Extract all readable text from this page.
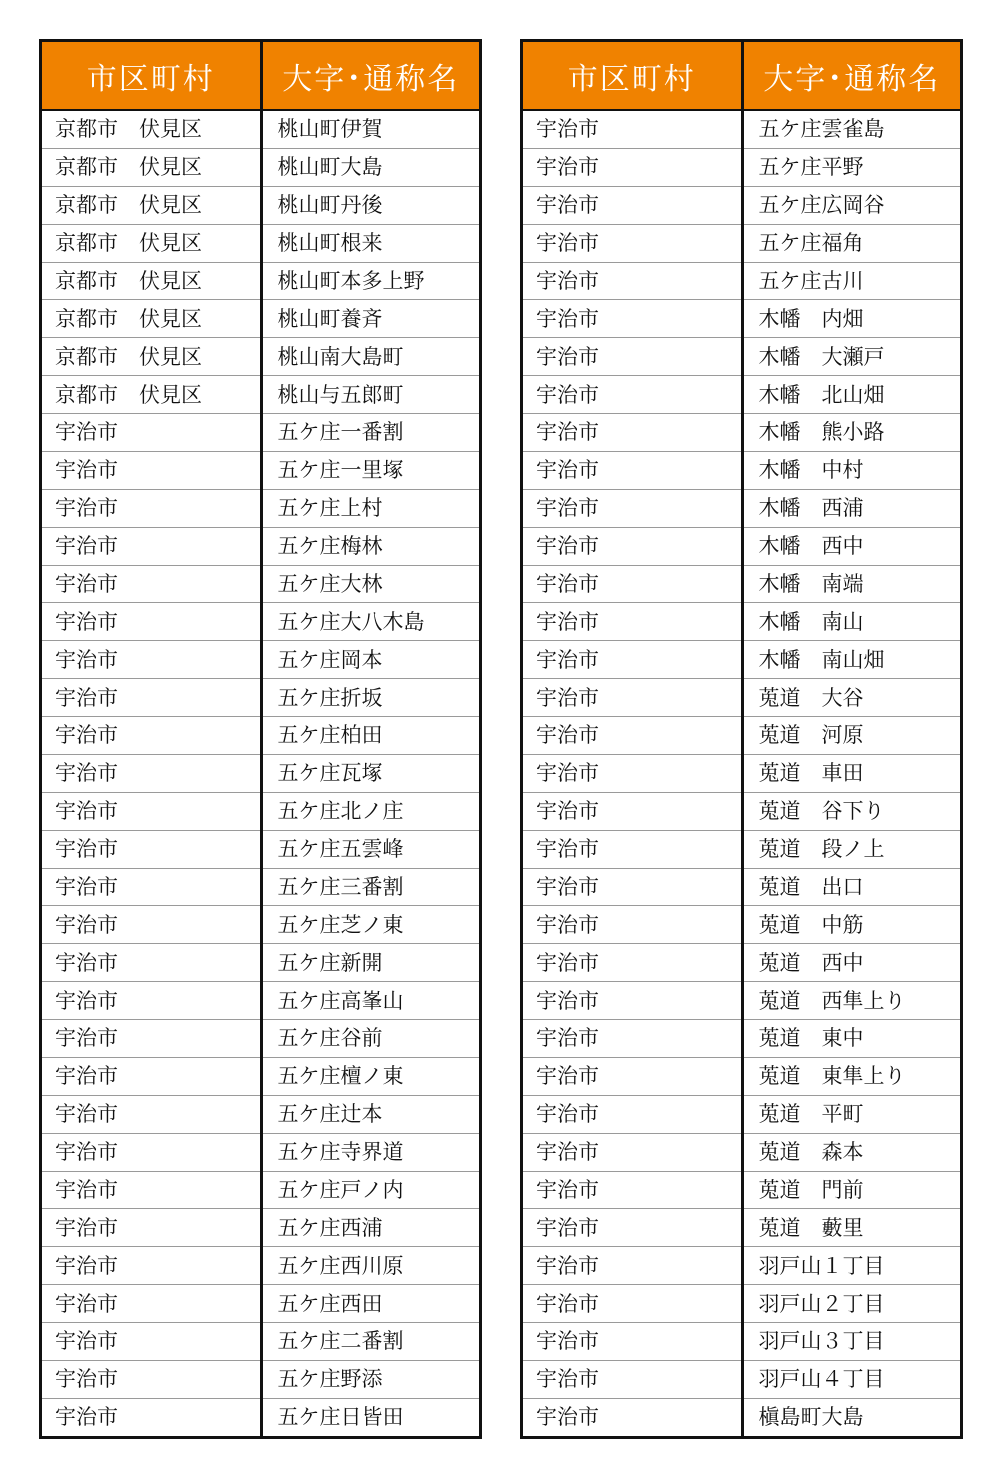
市区町村	大字･通称名
京都市　伏見区	桃山町伊賀
京都市　伏見区	桃山町大島
京都市　伏見区	桃山町丹後
京都市　伏見区	桃山町根来
京都市　伏見区	桃山町本多上野
京都市　伏見区	桃山町養斉
京都市　伏見区	桃山南大島町
京都市　伏見区	桃山与五郎町
宇治市	五ケ庄一番割
宇治市	五ケ庄一里塚
宇治市	五ケ庄上村
宇治市	五ケ庄梅林
宇治市	五ケ庄大林
宇治市	五ケ庄大八木島
宇治市	五ケ庄岡本
宇治市	五ケ庄折坂
宇治市	五ケ庄柏田
宇治市	五ケ庄瓦塚
宇治市	五ケ庄北ノ庄
宇治市	五ケ庄五雲峰
宇治市	五ケ庄三番割
宇治市	五ケ庄芝ノ東
宇治市	五ケ庄新開
宇治市	五ケ庄高峯山
宇治市	五ケ庄谷前
宇治市	五ケ庄檀ノ東
宇治市	五ケ庄辻本
宇治市	五ケ庄寺界道
宇治市	五ケ庄戸ノ内
宇治市	五ケ庄西浦
宇治市	五ケ庄西川原
宇治市	五ケ庄西田
宇治市	五ケ庄二番割
宇治市	五ケ庄野添
宇治市	五ケ庄日皆田
市区町村	大字･通称名
宇治市	五ケ庄雲雀島
宇治市	五ケ庄平野
宇治市	五ケ庄広岡谷
宇治市	五ケ庄福角
宇治市	五ケ庄古川
宇治市	木幡　内畑
宇治市	木幡　大瀬戸
宇治市	木幡　北山畑
宇治市	木幡　熊小路
宇治市	木幡　中村
宇治市	木幡　西浦
宇治市	木幡　西中
宇治市	木幡　南端
宇治市	木幡　南山
宇治市	木幡　南山畑
宇治市	莵道　大谷
宇治市	莵道　河原
宇治市	莵道　車田
宇治市	莵道　谷下り
宇治市	莵道　段ノ上
宇治市	莵道　出口
宇治市	莵道　中筋
宇治市	莵道　西中
宇治市	莵道　西隼上り
宇治市	莵道　東中
宇治市	莵道　東隼上り
宇治市	莵道　平町
宇治市	莵道　森本
宇治市	莵道　門前
宇治市	莵道　藪里
宇治市	羽戸山１丁目
宇治市	羽戸山２丁目
宇治市	羽戸山３丁目
宇治市	羽戸山４丁目
宇治市	槇島町大島
